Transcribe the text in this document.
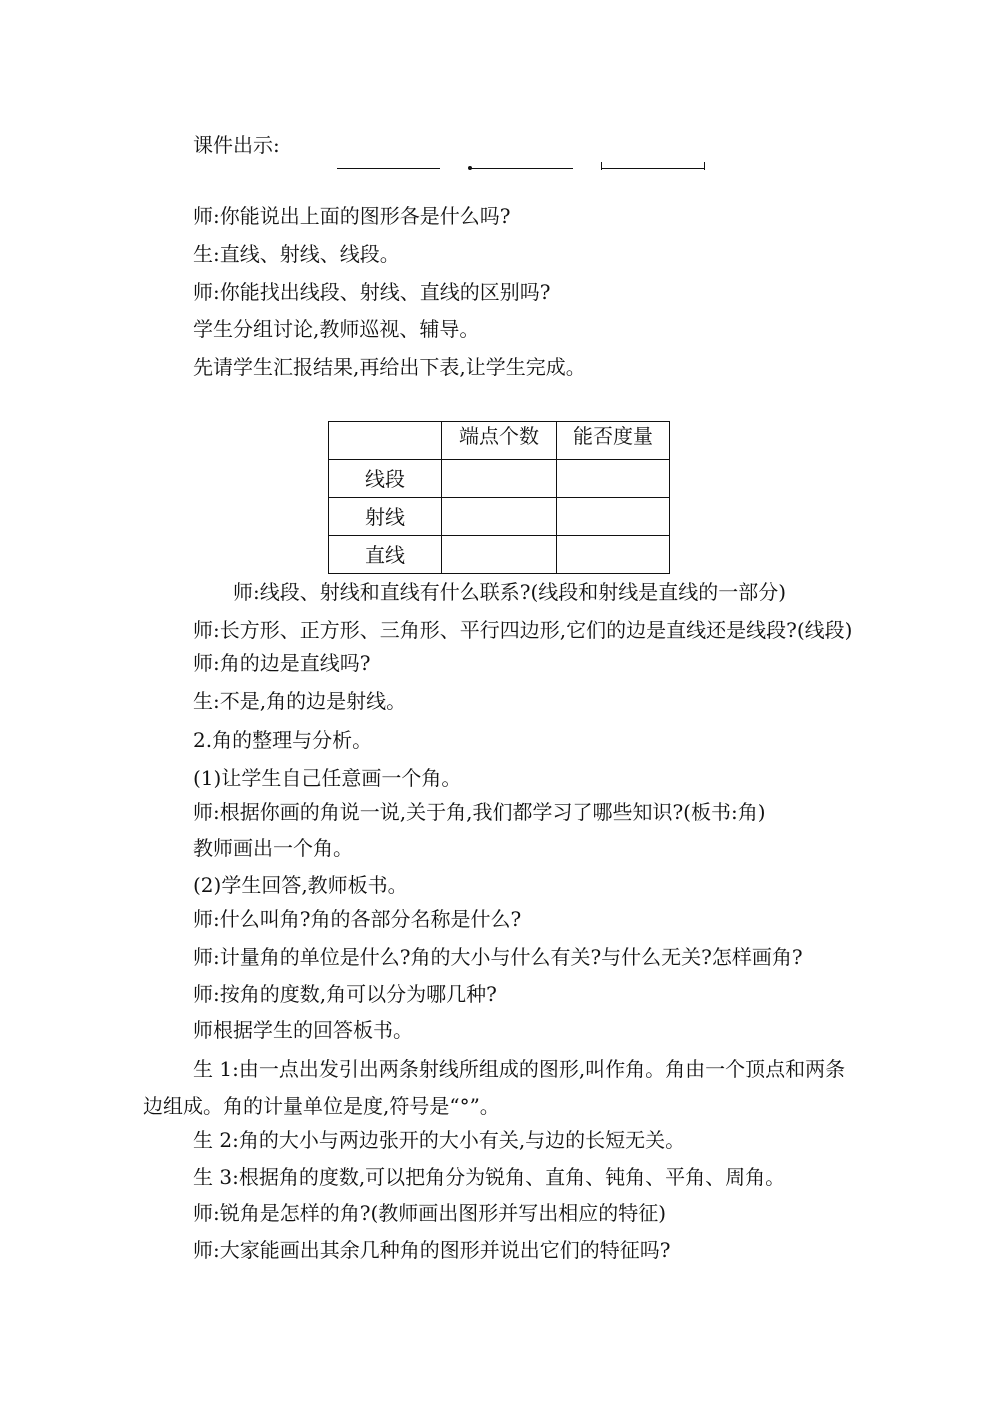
课件出示:
师:你能说出上面的图形各是什么吗?
生:直线、射线、线段。
师:你能找出线段、射线、直线的区别吗?
学生分组讨论,教师巡视、辅导。
先请学生汇报结果,再给出下表,让学生完成。
	端点个数	能否度量
线段		
射线		
直线		
师:线段、射线和直线有什么联系?(线段和射线是直线的一部分)
师:长方形、正方形、三角形、平行四边形,它们的边是直线还是线段?(线段)
师:角的边是直线吗?
生:不是,角的边是射线。
2.角的整理与分析。
(1)让学生自己任意画一个角。
师:根据你画的角说一说,关于角,我们都学习了哪些知识?(板书:角)
教师画出一个角。
(2)学生回答,教师板书。
师:什么叫角?角的各部分名称是什么?
师:计量角的单位是什么?角的大小与什么有关?与什么无关?怎样画角?
师:按角的度数,角可以分为哪几种?
师根据学生的回答板书。
生 1:由一点出发引出两条射线所组成的图形,叫作角。角由一个顶点和两条
边组成。角的计量单位是度,符号是“°”。
生 2:角的大小与两边张开的大小有关,与边的长短无关。
生 3:根据角的度数,可以把角分为锐角、直角、钝角、平角、周角。
师:锐角是怎样的角?(教师画出图形并写出相应的特征)
师:大家能画出其余几种角的图形并说出它们的特征吗?
